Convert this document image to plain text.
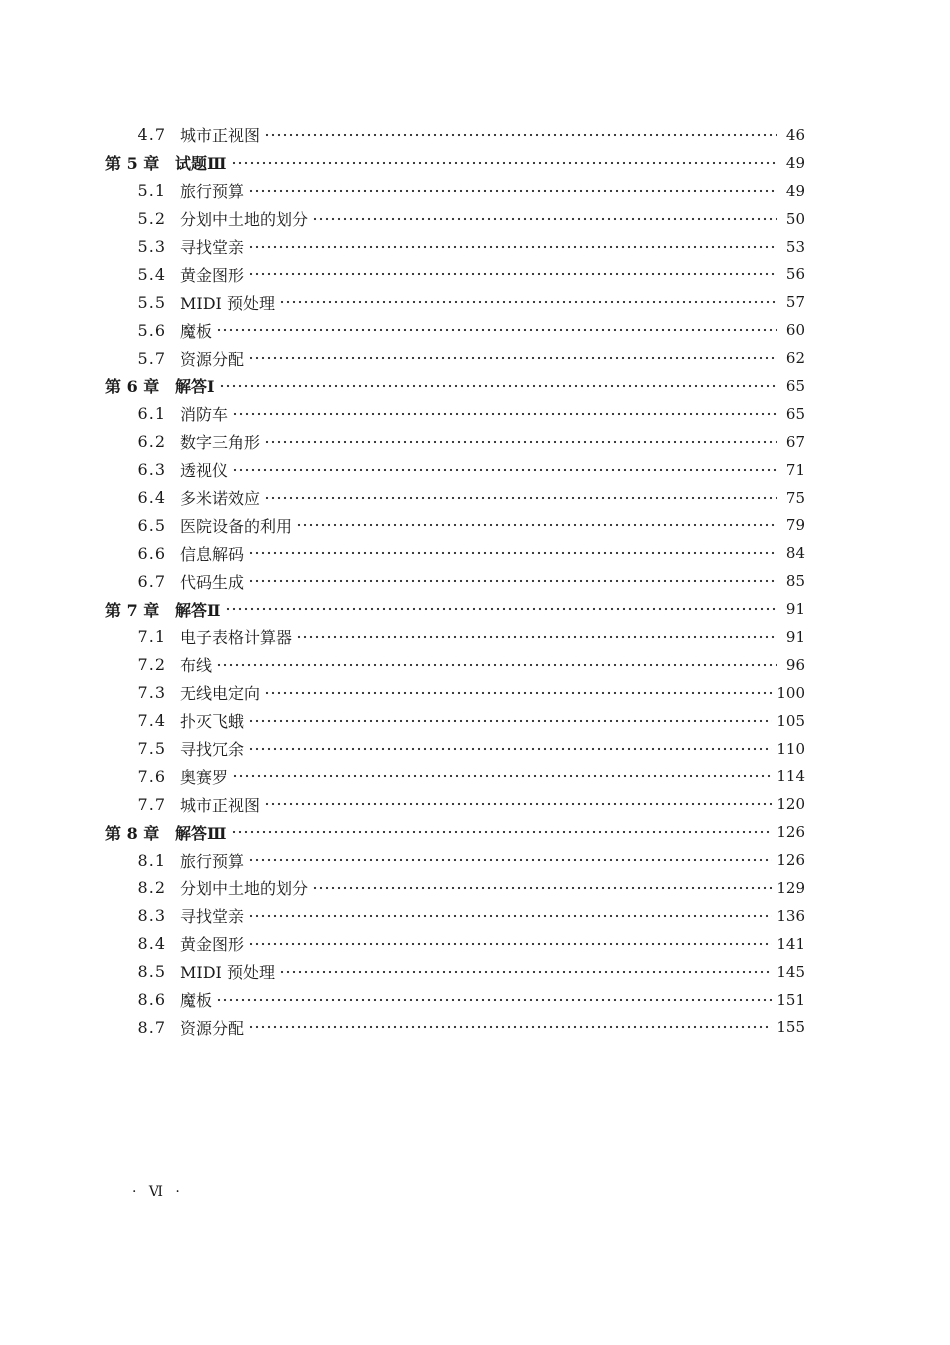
4.7 城市正视图	46
第 5 章 试题Ⅲ	49
5.1 旅行预算	49
5.2 分划中土地的划分	50
5.3 寻找堂亲	53
5.4 黄金图形	56
5.5 MIDI 预处理	57
5.6 魔板	60
5.7 资源分配	62
第 6 章 解答Ⅰ	65
6.1 消防车	65
6.2 数字三角形	67
6.3 透视仪	71
6.4 多米诺效应	75
6.5 医院设备的利用	79
6.6 信息解码	84
6.7 代码生成	85
第 7 章 解答Ⅱ	91
7.1 电子表格计算器	91
7.2 布线	96
7.3 无线电定向	100
7.4 扑灭飞蛾	105
7.5 寻找冗余	110
7.6 奥赛罗	114
7.7 城市正视图	120
第 8 章 解答Ⅲ	126
8.1 旅行预算	126
8.2 分划中土地的划分	129
8.3 寻找堂亲	136
8.4 黄金图形	141
8.5 MIDI 预处理	145
8.6 魔板	151
8.7 资源分配	155
· Ⅵ ·
